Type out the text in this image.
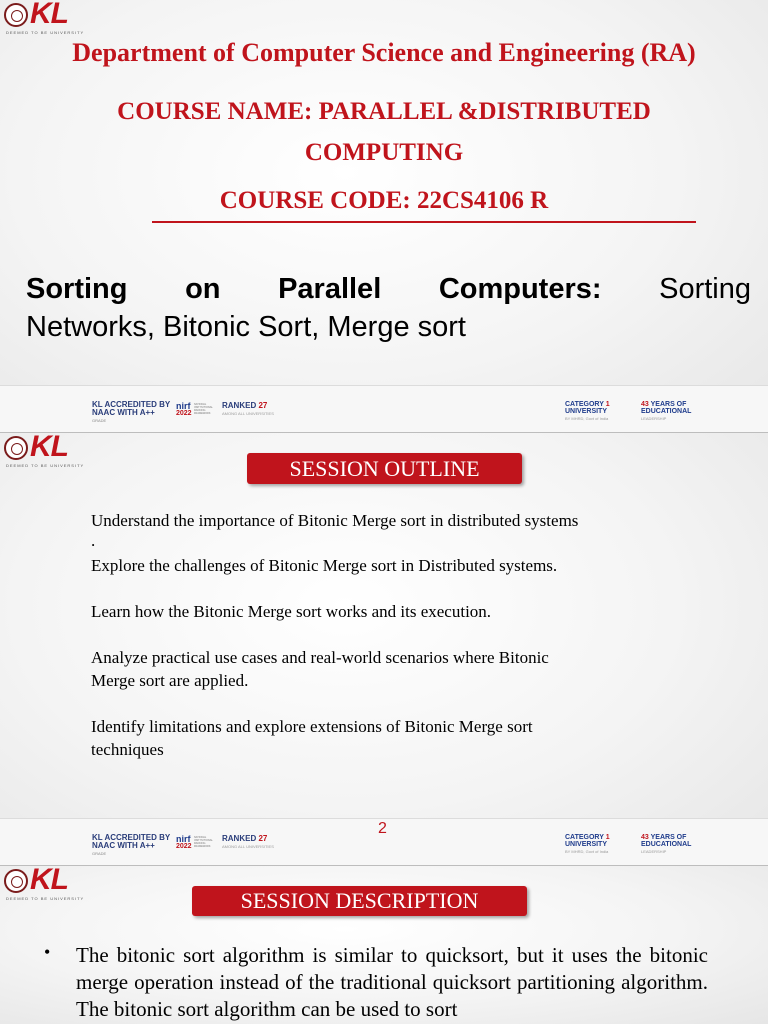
KL
DEEMED TO BE UNIVERSITY
Department of Computer Science and Engineering (RA)
COURSE NAME: PARALLEL &DISTRIBUTED
COMPUTING
COURSE CODE: 22CS4106 R
Sorting on Parallel Computers: Sorting
Networks, Bitonic Sort, Merge sort
KL ACCREDITED BY
NAAC WITH A++
GRADE
nirf
2022
NATIONAL INSTITUTIONAL RANKING FRAMEWORK
RANKED 27
AMONG ALL UNIVERSITIES
CATEGORY 1
UNIVERSITY
BY MHRD, Govt of India
43 YEARS OF
EDUCATIONAL
LEADERSHIP
KL
DEEMED TO BE UNIVERSITY	SESSION OUTLINE
Understand the importance of Bitonic Merge sort in distributed systems
.
Explore the challenges of Bitonic Merge sort in Distributed systems.
Learn how the Bitonic Merge sort works and its execution.
Analyze practical use cases and real-world scenarios where Bitonic
Merge sort are applied.
Identify limitations and explore extensions of Bitonic Merge sort
techniques
KL ACCREDITED BY
NAAC WITH A++
GRADE
nirf
2022
NATIONAL INSTITUTIONAL RANKING FRAMEWORK
RANKED 27
AMONG ALL UNIVERSITIES
2
CATEGORY 1
UNIVERSITY
BY MHRD, Govt of India
43 YEARS OF
EDUCATIONAL
LEADERSHIP
KL
DEEMED TO BE UNIVERSITY	SESSION DESCRIPTION
• The bitonic sort algorithm is similar to quicksort, but it uses the bitonic merge operation instead of the traditional quicksort partitioning algorithm. The bitonic sort algorithm can be used to sort
